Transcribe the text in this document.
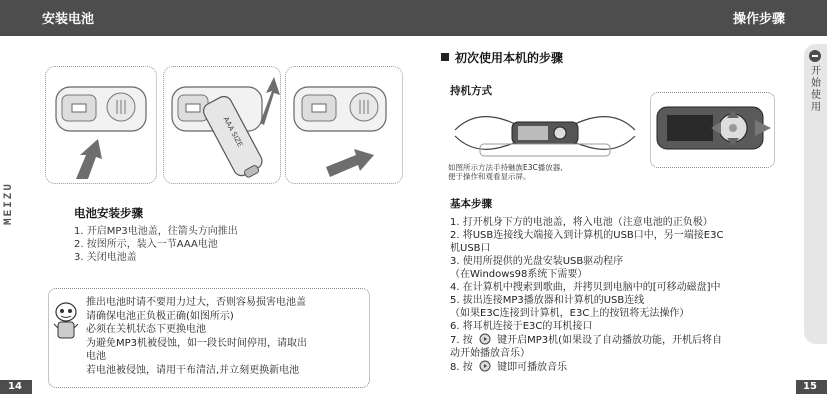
安装电池	操作步骤
MEIZU
14	15
开始使用
AAA SIZE
电池安装步骤
1. 开启MP3电池盖，往箭头方向推出
2. 按图所示，装入一节AAA电池
3. 关闭电池盖
推出电池时请不要用力过大，否则容易损害电池盖
请确保电池正负极正确(如图所示)
必须在关机状态下更换电池
为避免MP3机被侵蚀，如一段长时间停用，请取出
电池
若电池被侵蚀，请用干布清洁,并立刻更换新电池
初次使用本机的步骤
持机方式
如图所示方法手持魅族E3C播放器,
便于操作和观看显示屏。
基本步骤
1. 打开机身下方的电池盖，将入电池（注意电池的正负极）
2. 将USB连接线大端接入到计算机的USB口中，另一端接E3C
机USB口
3. 使用所提供的光盘安装USB驱动程序
（在Windows98系统下需要）
4. 在计算机中搜索到歌曲，并拷贝到电脑中的[可移动磁盘]中
5. 拔出连接MP3播放器和计算机的USB连线
（如果E3C连接到计算机，E3C上的按钮将无法操作）
6. 将耳机连接于E3C的耳机接口
7. 按 键开启MP3机(如果设了自动播放功能，开机后将自
动开始播放音乐）
8. 按 键即可播放音乐
